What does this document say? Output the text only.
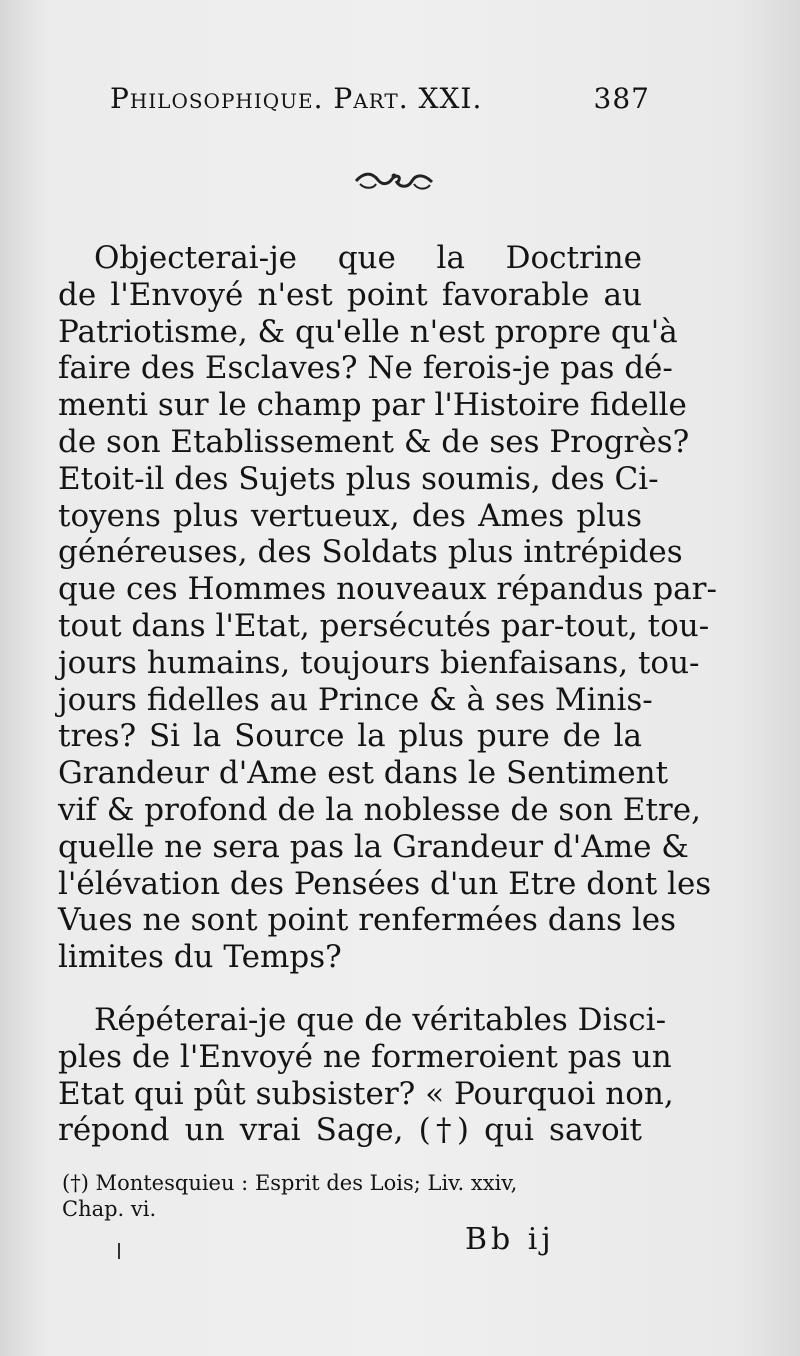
Philosophique. Part. XXI.	387
Objecterai-je que la Doctrine
de l'Envoyé n'est point favorable au
Patriotisme, & qu'elle n'est propre qu'à
faire des Esclaves? Ne ferois-je pas dé-
menti sur le champ par l'Histoire fidelle
de son Etablissement & de ses Progrès?
Etoit-il des Sujets plus soumis, des Ci-
toyens plus vertueux, des Ames plus
généreuses, des Soldats plus intrépides
que ces Hommes nouveaux répandus par-
tout dans l'Etat, persécutés par-tout, tou-
jours humains, toujours bienfaisans, tou-
jours fidelles au Prince & à ses Minis-
tres? Si la Source la plus pure de la
Grandeur d'Ame est dans le Sentiment
vif & profond de la noblesse de son Etre,
quelle ne sera pas la Grandeur d'Ame &
l'élévation des Pensées d'un Etre dont les
Vues ne sont point renfermées dans les
limites du Temps?
Répéterai-je que de véritables Disci-
ples de l'Envoyé ne formeroient pas un
Etat qui pût subsister? « Pourquoi non,
répond un vrai Sage, (†) qui savoit
(†) Montesquieu : Esprit des Lois; Liv. xxiv,
Chap. vi.
Bb ij
